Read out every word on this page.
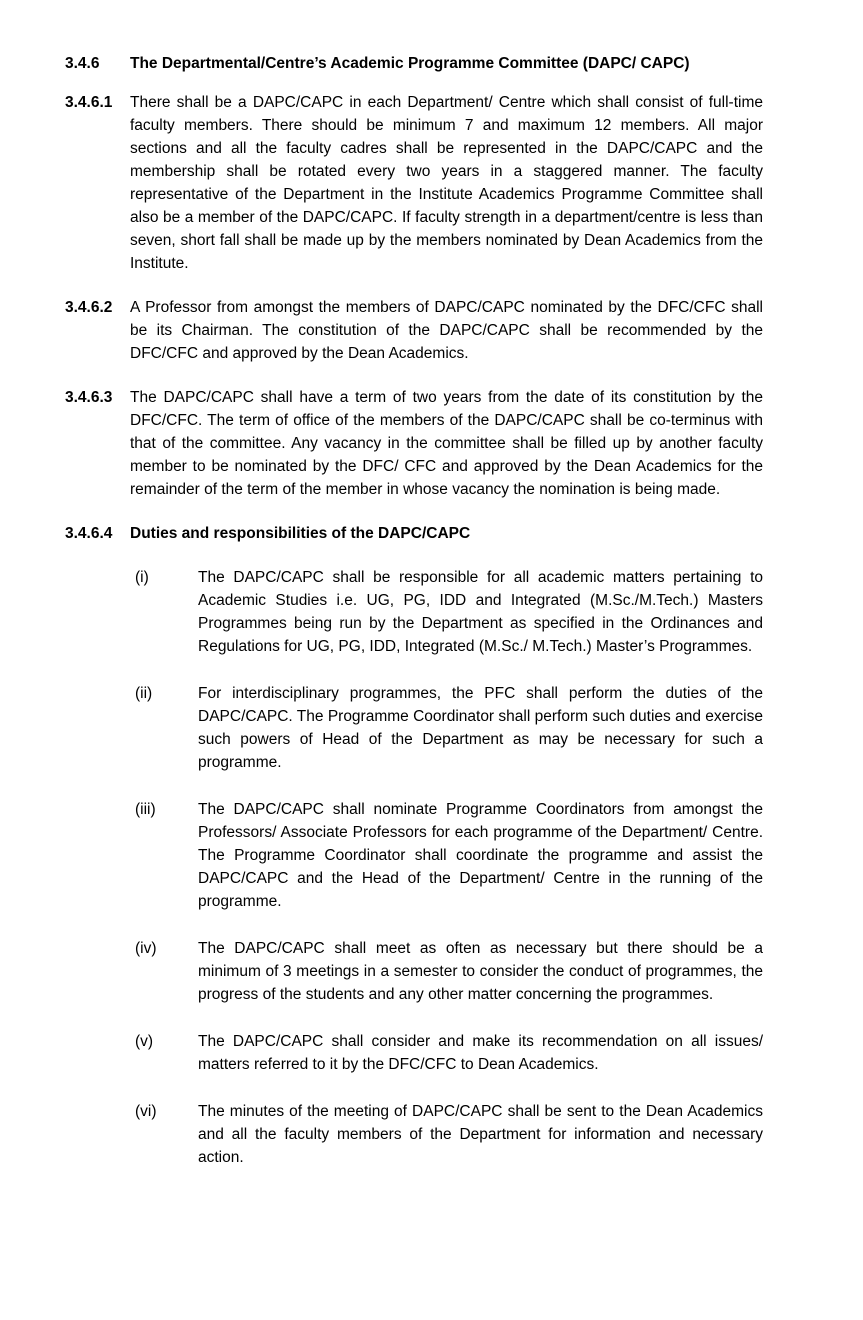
3.4.6	The Departmental/Centre’s Academic Programme Committee (DAPC/ CAPC)
3.4.6.1	There shall be a DAPC/CAPC in each Department/ Centre which shall consist of full-time faculty members. There should be minimum 7 and maximum 12 members. All major sections and all the faculty cadres shall be represented in the DAPC/CAPC and the membership shall be rotated every two years in a staggered manner. The faculty representative of the Department in the Institute Academics Programme Committee shall also be a member of the DAPC/CAPC. If faculty strength in a department/centre is less than seven, short fall shall be made up by the members nominated by Dean Academics from the Institute.
3.4.6.2	A Professor from amongst the members of DAPC/CAPC nominated by the DFC/CFC shall be its Chairman. The constitution of the DAPC/CAPC shall be recommended by the DFC/CFC and approved by the Dean Academics.
3.4.6.3	The DAPC/CAPC shall have a term of two years from the date of its constitution by the DFC/CFC. The term of office of the members of the DAPC/CAPC shall be co-terminus with that of the committee. Any vacancy in the committee shall be filled up by another faculty member to be nominated by the DFC/ CFC and approved by the Dean Academics for the remainder of the term of the member in whose vacancy the nomination is being made.
3.4.6.4	Duties and responsibilities of the DAPC/CAPC
(i)	The DAPC/CAPC shall be responsible for all academic matters pertaining to Academic Studies i.e. UG, PG, IDD and Integrated (M.Sc./M.Tech.) Masters Programmes being run by the Department as specified in the Ordinances and Regulations for UG, PG, IDD, Integrated (M.Sc./ M.Tech.) Master’s Programmes.
(ii)	For interdisciplinary programmes, the PFC shall perform the duties of the DAPC/CAPC. The Programme Coordinator shall perform such duties and exercise such powers of Head of the Department as may be necessary for such a programme.
(iii)	The DAPC/CAPC shall nominate Programme Coordinators from amongst the Professors/ Associate Professors for each programme of the Department/ Centre. The Programme Coordinator shall coordinate the programme and assist the DAPC/CAPC and the Head of the Department/ Centre in the running of the programme.
(iv)	The DAPC/CAPC shall meet as often as necessary but there should be a minimum of 3 meetings in a semester to consider the conduct of programmes, the progress of the students and any other matter concerning the programmes.
(v)	The DAPC/CAPC shall consider and make its recommendation on all issues/ matters referred to it by the DFC/CFC to Dean Academics.
(vi)	The minutes of the meeting of DAPC/CAPC shall be sent to the Dean Academics and all the faculty members of the Department for information and necessary action.
